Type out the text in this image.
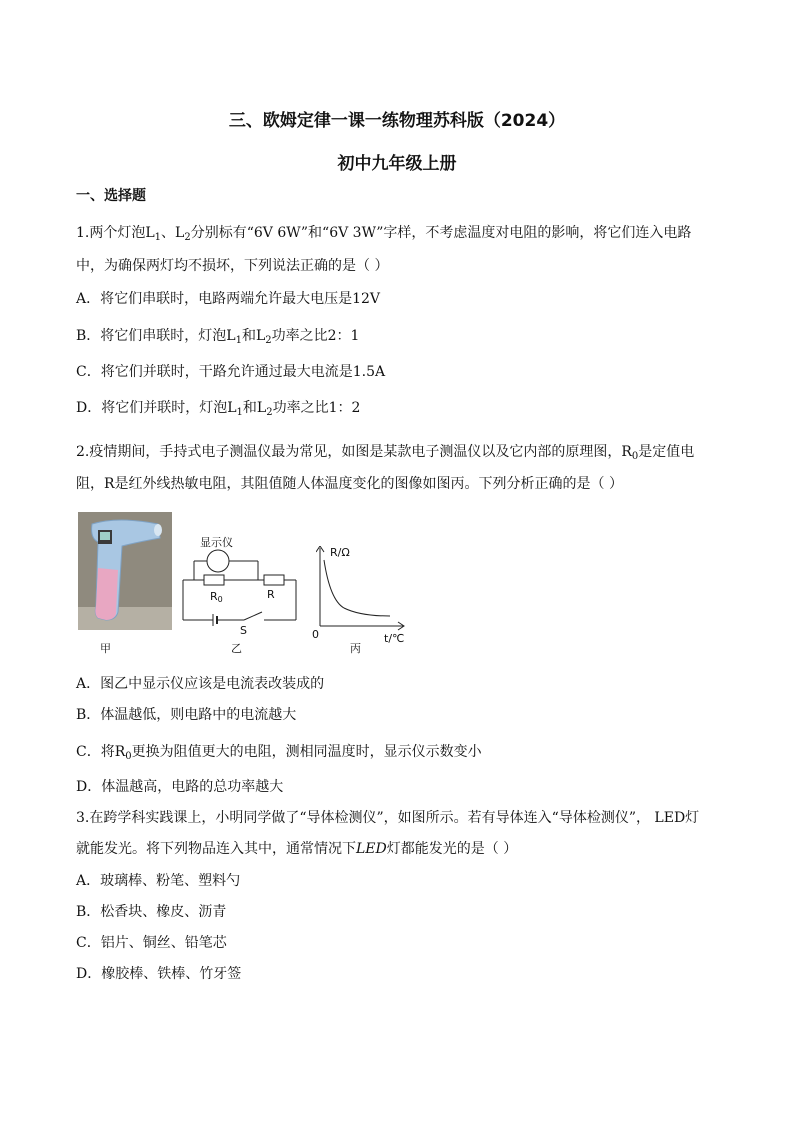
三、欧姆定律一课一练物理苏科版（2024）
初中九年级上册
一、选择题
1.两个灯泡$L_1$、$L_2$分别标有“6V 6W”和“6V 3W”字样，不考虑温度对电阻的影响，将它们连入电路
中，为确保两灯均不损坏，下列说法正确的是（ ）
A．将它们串联时，电路两端允许最大电压是12V
B．将它们串联时，灯泡$L_1$和$L_2$功率之比2：1
C．将它们并联时，干路允许通过最大电流是1.5A
D．将它们并联时，灯泡$L_1$和$L_2$功率之比1：2
2.疫情期间，手持式电子测温仪最为常见，如图是某款电子测温仪以及它内部的原理图，$R_0$是定值电
阻，R是红外线热敏电阻，其阻值随人体温度变化的图像如图丙。下列分析正确的是（ ）
甲
显示仪
R0	R
S
乙
R/Ω
0
丙
t/℃
A．图乙中显示仪应该是电流表改装成的
B．体温越低，则电路中的电流越大
C．将$R_0$更换为阻值更大的电阻，测相同温度时，显示仪示数变小
D．体温越高，电路的总功率越大
3.在跨学科实践课上，小明同学做了“导体检测仪”，如图所示。若有导体连入“导体检测仪”， LED灯
就能发光。将下列物品连入其中，通常情况下LED灯都能发光的是（ ）
A．玻璃棒、粉笔、塑料勺
B．松香块、橡皮、沥青
C．铝片、铜丝、铅笔芯
D．橡胶棒、铁棒、竹牙签
